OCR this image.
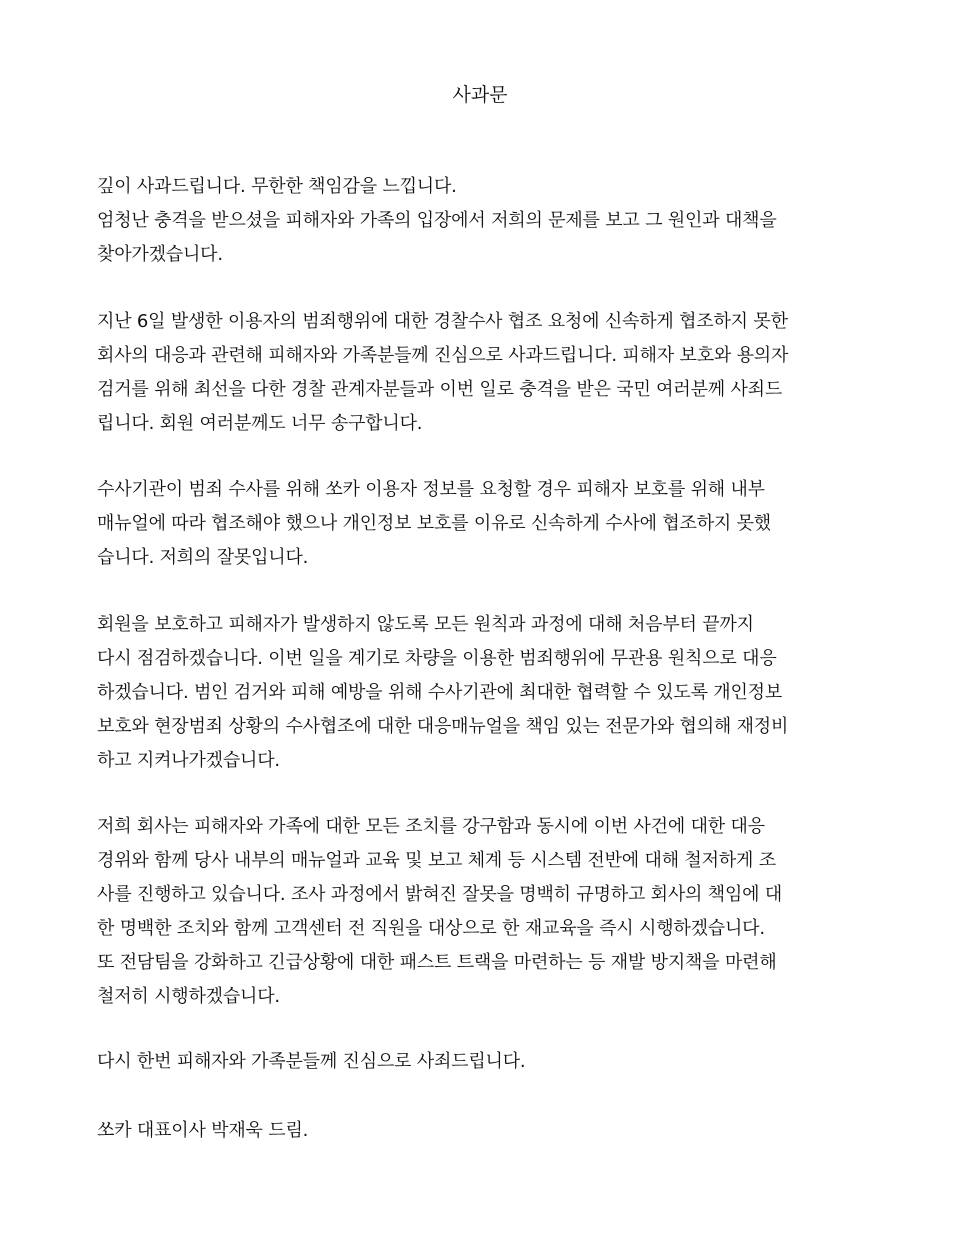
사과문
깊이 사과드립니다. 무한한 책임감을 느낍니다.
엄청난 충격을 받으셨을 피해자와 가족의 입장에서 저희의 문제를 보고 그 원인과 대책을
찾아가겠습니다.
지난 6일 발생한 이용자의 범죄행위에 대한 경찰수사 협조 요청에 신속하게 협조하지 못한
회사의 대응과 관련해 피해자와 가족분들께 진심으로 사과드립니다. 피해자 보호와 용의자
검거를 위해 최선을 다한 경찰 관계자분들과 이번 일로 충격을 받은 국민 여러분께 사죄드
립니다. 회원 여러분께도 너무 송구합니다.
수사기관이 범죄 수사를 위해 쏘카 이용자 정보를 요청할 경우 피해자 보호를 위해 내부
매뉴얼에 따라 협조해야 했으나 개인정보 보호를 이유로 신속하게 수사에 협조하지 못했
습니다. 저희의 잘못입니다.
회원을 보호하고 피해자가 발생하지 않도록 모든 원칙과 과정에 대해 처음부터 끝까지
다시 점검하겠습니다. 이번 일을 계기로 차량을 이용한 범죄행위에 무관용 원칙으로 대응
하겠습니다. 범인 검거와 피해 예방을 위해 수사기관에 최대한 협력할 수 있도록 개인정보
보호와 현장범죄 상황의 수사협조에 대한 대응매뉴얼을 책임 있는 전문가와 협의해 재정비
하고 지켜나가겠습니다.
저희 회사는 피해자와 가족에 대한 모든 조치를 강구함과 동시에 이번 사건에 대한 대응
경위와 함께 당사 내부의 매뉴얼과 교육 및 보고 체계 등 시스템 전반에 대해 철저하게 조
사를 진행하고 있습니다. 조사 과정에서 밝혀진 잘못을 명백히 규명하고 회사의 책임에 대
한 명백한 조치와 함께 고객센터 전 직원을 대상으로 한 재교육을 즉시 시행하겠습니다.
또 전담팀을 강화하고 긴급상황에 대한 패스트 트랙을 마련하는 등 재발 방지책을 마련해
철저히 시행하겠습니다.
다시 한번 피해자와 가족분들께 진심으로 사죄드립니다.
쏘카 대표이사 박재욱 드림.
